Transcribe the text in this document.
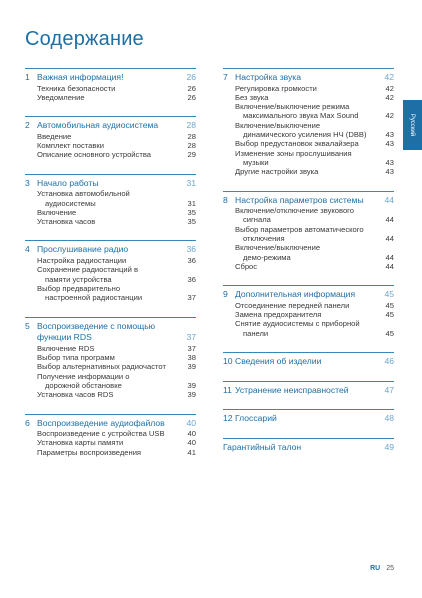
Содержание
1 Важная информация!	26
Техника безопасности	26
Уведомление	26
2 Автомобильная аудиосистема	28
Введение	28
Комплект поставки	28
Описание основного устройства	29
3 Начало работы	31
Установка автомобильной
аудиосистемы	31
Включение	35
Установка часов	35
4 Прослушивание радио	36
Настройка радиостанции	36
Сохранение радиостанций в
памяти устройства	36
Выбор предварительно
настроенной радиостанции	37
5 Воспроизведение с помощью
функции RDS	37
Включение RDS	37
Выбор типа программ	38
Выбор альтернативных радиочастот	39
Получение информации о
дорожной обстановке	39
Установка часов RDS	39
6 Воспроизведение аудиофайлов	40
Воспроизведение с устройства USB	40
Установка карты памяти	40
Параметры воспроизведения	41
7 Настройка звука	42
Регулировка громкости	42
Без звука	42
Включение/выключение режима
максимального звука Max Sound	42
Включение/выключение
динамического усиления НЧ (DBB)	43
Выбор предустановок эквалайзера	43
Изменение зоны прослушивания
музыки	43
Другие настройки звука	43
8 Настройка параметров системы	44
Включение/отключение звукового
сигнала	44
Выбор параметров автоматического
отключения	44
Включение/выключение
демо-режима	44
Сброс	44
9 Дополнительная информация	45
Отсоединение передней панели	45
Замена предохранителя	45
Снятие аудиосистемы с приборной
панели	45
10 Сведения об изделии	46
11 Устранение неисправностей	47
12 Глоссарий	48
Гарантийный талон	49
Русский
RU 25
